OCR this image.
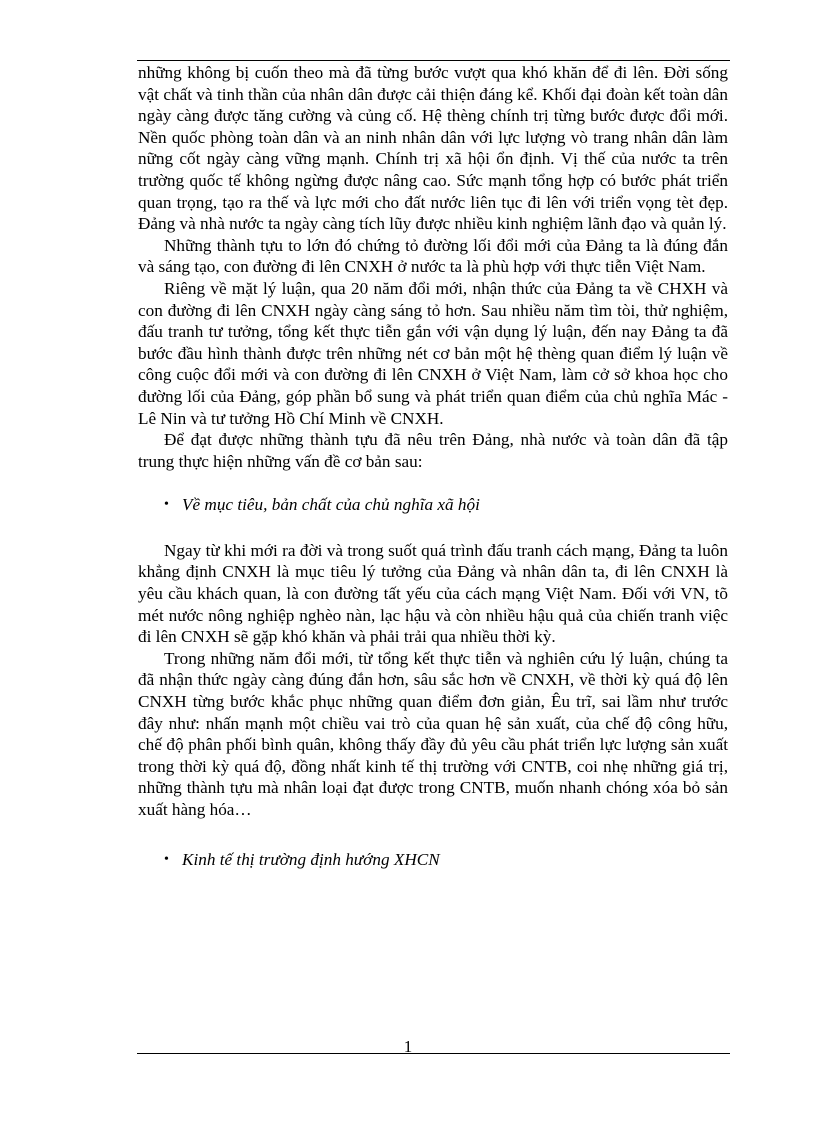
những không bị cuốn theo mà đã từng bước vượt qua khó khăn để đi lên. Đời sống vật chất và tinh thần của nhân dân được cải thiện đáng kể. Khối đại đoàn kết toàn dân ngày càng được tăng cường và củng cố. Hệ thèng chính trị từng bước được đổi mới. Nền quốc phòng toàn dân và an ninh nhân dân với lực lượng vò trang nhân dân làm nững cốt ngày càng vững mạnh. Chính trị xã hội ổn định. Vị thế của nước ta trên trường quốc tế không ngừng được nâng cao. Sức mạnh tổng hợp có bước phát triển quan trọng, tạo ra thế và lực mới cho đất nước liên tục đi lên với triển vọng tèt đẹp. Đảng và nhà nước ta ngày càng tích lũy được nhiều kinh nghiệm lãnh đạo và quản lý.

Những thành tựu to lớn đó chứng tỏ đường lối đổi mới của Đảng ta là đúng đắn và sáng tạo, con đường đi lên CNXH ở nước ta là phù hợp với thực tiễn Việt Nam.

Riêng về mặt lý luận, qua 20 năm đổi mới, nhận thức của Đảng ta về CHXH và con đường đi lên CNXH ngày càng sáng tỏ hơn. Sau nhiều năm tìm tòi, thử nghiệm, đấu tranh tư tưởng, tổng kết thực tiễn gắn với vận dụng lý luận, đến nay Đảng ta đã bước đầu hình thành được trên những nét cơ bản một hệ thèng quan điểm lý luận về công cuộc đổi mới và con đường đi lên CNXH ở Việt Nam, làm cở sở khoa học cho đường lối của Đảng, góp phần bổ sung và phát triển quan điểm của chủ nghĩa Mác - Lê Nin và tư tưởng Hồ Chí Minh về CNXH.

Để đạt được những thành tựu đã nêu trên Đảng, nhà nước và toàn dân đã tập trung thực hiện những vấn đề cơ bản sau:

• Về mục tiêu, bản chất của chủ nghĩa xã hội

Ngay từ khi mới ra đời và trong suốt quá trình đấu tranh cách mạng, Đảng ta luôn khẳng định CNXH là mục tiêu lý tưởng của Đảng và nhân dân ta, đi lên CNXH là yêu cầu khách quan, là con đường tất yếu của cách mạng Việt Nam. Đối với VN, tõ mét nước nông nghiệp nghèo nàn, lạc hậu và còn nhiều hậu quả của chiến tranh việc đi lên CNXH sẽ gặp khó khăn và phải trải qua nhiều thời kỳ.

Trong những năm đổi mới, từ tổng kết thực tiễn và nghiên cứu lý luận, chúng ta đã nhận thức ngày càng đúng đắn hơn, sâu sắc hơn về CNXH, về thời kỳ quá độ lên CNXH từng bước khắc phục những quan điểm đơn giản, Êu trĩ, sai lầm như trước đây như: nhấn mạnh một chiều vai trò của quan hệ sản xuất, của chế độ công hữu, chế độ phân phối bình quân, không thấy đầy đủ yêu cầu phát triển lực lượng sản xuất trong thời kỳ quá độ, đồng nhất kinh tế thị trường với CNTB, coi nhẹ những giá trị, những thành tựu mà nhân loại đạt được trong CNTB, muốn nhanh chóng xóa bỏ sản xuất hàng hóa…

• Kinh tế thị trường định hướng XHCN

1
